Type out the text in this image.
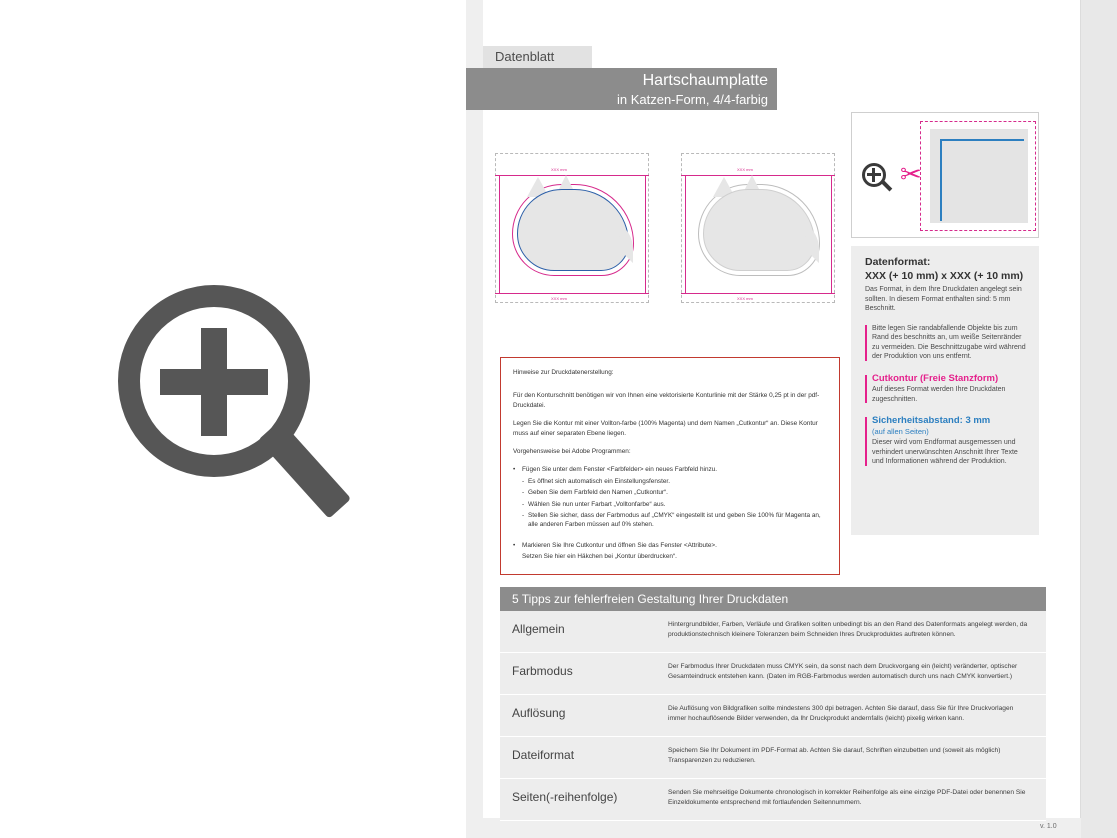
Datenblatt
Hartschaumplatte
in Katzen-Form, 4/4-farbig
XXX mm
XXX mm
XXX mm
XXX mm
✂
Datenformat:
XXX (+ 10 mm) x XXX (+ 10 mm)
Das Format, in dem Ihre Druckdaten angelegt sein sollten. In diesem Format enthalten sind: 5 mm Beschnitt.
Bitte legen Sie randabfallende Objekte bis zum Rand des beschnitts an, um weiße Seitenränder zu vermeiden. Die Beschnittzugabe wird während der Produktion von uns entfernt.
Cutkontur (Freie Stanzform)
Auf dieses Format werden Ihre Druckdaten zugeschnitten.
Sicherheitsabstand: 3 mm
(auf allen Seiten)
Dieser wird vom Endformat ausgemessen und verhindert unerwünschten Anschnitt Ihrer Texte und Informationen während der Produktion.

Hinweise zur Druckdatenerstellung:

Für den Konturschnitt benötigen wir von Ihnen eine vektorisierte Konturlinie mit der Stärke 0,25 pt in der pdf-Druckdatei.

Legen Sie die Kontur mit einer Vollton-farbe (100% Magenta) und dem Namen „Cutkontur“ an. Diese Kontur muss auf einer separaten Ebene liegen.

Vorgehensweise bei Adobe Programmen:

• Fügen Sie unter dem Fenster <Farbfelder> ein neues Farbfeld hinzu.
- Es öffnet sich automatisch ein Einstellungsfenster.
- Geben Sie dem Farbfeld den Namen „Cutkontur“.
- Wählen Sie nun unter Farbart „Volltonfarbe“ aus.
- Stellen Sie sicher, dass der Farbmodus auf „CMYK“ eingestellt ist und geben Sie 100% für Magenta an, alle anderen Farben müssen auf 0% stehen.
• Markieren Sie Ihre Cutkontur und öffnen Sie das Fenster <Attribute>.
Setzen Sie hier ein Häkchen bei „Kontur überdrucken“.
5 Tipps zur fehlerfreien Gestaltung Ihrer Druckdaten
Allgemein	Hintergrundbilder, Farben, Verläufe und Grafiken sollten unbedingt bis an den Rand des Datenformats angelegt werden, da produktionstechnisch kleinere Toleranzen beim Schneiden Ihres Druckproduktes auftreten können.
Farbmodus	Der Farbmodus Ihrer Druckdaten muss CMYK sein, da sonst nach dem Druckvorgang ein (leicht) veränderter, optischer Gesamteindruck entstehen kann. (Daten im RGB-Farbmodus werden automatisch durch uns nach CMYK konvertiert.)
Auflösung	Die Auflösung von Bildgrafiken sollte mindestens 300 dpi betragen. Achten Sie darauf, dass Sie für Ihre Druckvorlagen immer hochauflösende Bilder verwenden, da Ihr Druckprodukt andernfalls (leicht) pixelig wirken kann.
Dateiformat	Speichern Sie Ihr Dokument im PDF-Format ab. Achten Sie darauf, Schriften einzubetten und (soweit als möglich) Transparenzen zu reduzieren.
Seiten(-reihenfolge)	Senden Sie mehrseitige Dokumente chronologisch in korrekter Reihenfolge als eine einzige PDF-Datei oder benennen Sie Einzeldokumente entsprechend mit fortlaufenden Seitennummern.
v. 1.0
